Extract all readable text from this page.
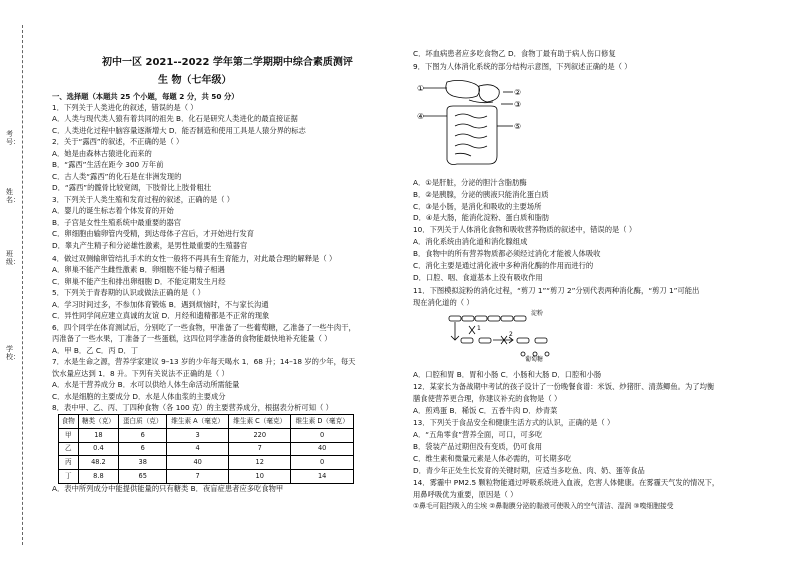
考号：
姓名：
班级：
学校：
初中一区 2021--2022 学年第二学期期中综合素质测评
生 物（七年级）
一、选择题（本题共 25 个小题，每题 2 分，共 50 分）
1．下列关于人类进化的叙述，错误的是（ ）
A．人类与现代类人猿有着共同的祖先 B．化石是研究人类进化的最直接证据
C．人类进化过程中脑容量逐渐增大 D．能否制造和使用工具是人猿分界的标志
2．关于“露西”的叙述，不正确的是（ ）
A．她是由森林古猿进化而来的
B．“露西”生活在距今 300 万年前
C．古人类“露西”的化石是在非洲发现的
D．“露西”的髋骨比较宽阔，下肢骨比上肢骨粗壮
3．下列关于人类生殖和发育过程的叙述，正确的是（ ）
A．婴儿的诞生标志着个体发育的开始
B．子宫是女性生殖系统中最重要的器官
C．卵细胞由输卵管内受精，到达母体子宫后，才开始进行发育
D．睾丸产生精子和分泌雄性激素，是男性最重要的生殖器官
4．做过双侧输卵管结扎手术的女性一般将不再具有生育能力，对此最合理的解释是（ ）
A．卵巢不能产生雌性激素 B．卵细胞不能与精子相遇
C．卵巢不能产生和排出卵细胞 D．不能定期发生月经
5．下列关于青春期的认识或做法正确的是（ ）
A．学习时间过多，不参加体育锻炼 B．遇到烦恼时，不与家长沟通
C．异性同学间应建立真诚的友谊 D．月经和遗精都是不正常的现象
6．四个同学在体育测试后，分别吃了一些食物，甲准备了一些葡萄糖，乙准备了一些牛肉干，
丙准备了一些水果，丁准备了一些蛋糕，这四位同学准备的食物能最快地补充能量（ ）
A．甲 B．乙 C．丙 D．丁
7．水是生命之源，营养学家建议 9–13 岁的少年每天喝水 1．68 升；14–18 岁的少年，每天
饮水量应达到 1．8 升。下列有关说法不正确的是（ ）
A．水是干营养成分 B．水可以供给人体生命活动所需能量
C．水是细胞的主要成分 D．水是人体血浆的主要成分
8．表中甲、乙、丙、丁四种食物（各 100 克）的主要营养成分，根据表分析可知（ ）
食物	糖类（克）	蛋白质（克）	维生素 A（毫克）	维生素 C（毫克）	维生素 D（毫克）
甲	18	6	3	220	0
乙	0.4	6	4	7	40
丙	48.2	38	40	12	0
丁	8.8	65	7	10	14
A．表中所列成分中能提供能量的只有糖类 B．夜盲症患者应多吃食物甲
C．坏血病患者应多吃食物乙 D．食物丁最有助于病人伤口修复
9．下图为人体消化系统的部分结构示意图，下列叙述正确的是（ ）
①	②
③
④
⑤
A．①是肝脏，分泌的胆汁含脂肪酶
B．②是胰腺，分泌的胰液只能消化蛋白质
C．③是小肠，是消化和吸收的主要场所
D．④是大肠，能消化淀粉、蛋白质和脂肪
10．下列关于人体消化食物和吸收营养物质的叙述中，错误的是（ ）
A．消化系统由消化道和消化腺组成
B．食物中的所有营养物质都必须经过消化才能被人体吸收
C．消化主要是通过消化液中多种消化酶的作用而进行的
D．口腔、咽、食道基本上没有吸收作用
11．下图模拟淀粉的消化过程，“剪刀 1”“剪刀 2”分别代表两种消化酶，“剪刀 1”可能出
现在消化道的（ ）
淀粉
1
2
葡萄糖
A．口腔和胃 B．胃和小肠 C．小肠和大肠 D．口腔和小肠
12．某家长为备战期中考试的孩子设计了一份晚餐食谱：米饭、炒猪肝、清蒸鲫鱼。为了均衡
膳食使营养更合理，你建议补充的食物是（ ）
A．煎鸡蛋 B．稀饭 C．五香牛肉 D．炒青菜
13．下列关于食品安全和健康生活方式的认识，正确的是（ ）
A．“五角零食”营养全面，可口，可多吃
B．袋装产品过期但没有变质，仍可食用
C．维生素和微量元素是人体必需的，可长期多吃
D．青少年正处生长发育的关键时期，应适当多吃鱼、肉、奶、蛋等食品
14．雾霾中 PM2.5 颗粒物能通过呼吸系统进入血液，危害人体健康。在雾霾天气发的情况下，
用鼻呼吸优为重要，原因是（ ）
①鼻毛可阻挡吸入的尘埃 ②鼻黏膜分泌的黏液可使吸入的空气清洁、湿润 ③嗅细胞接受
